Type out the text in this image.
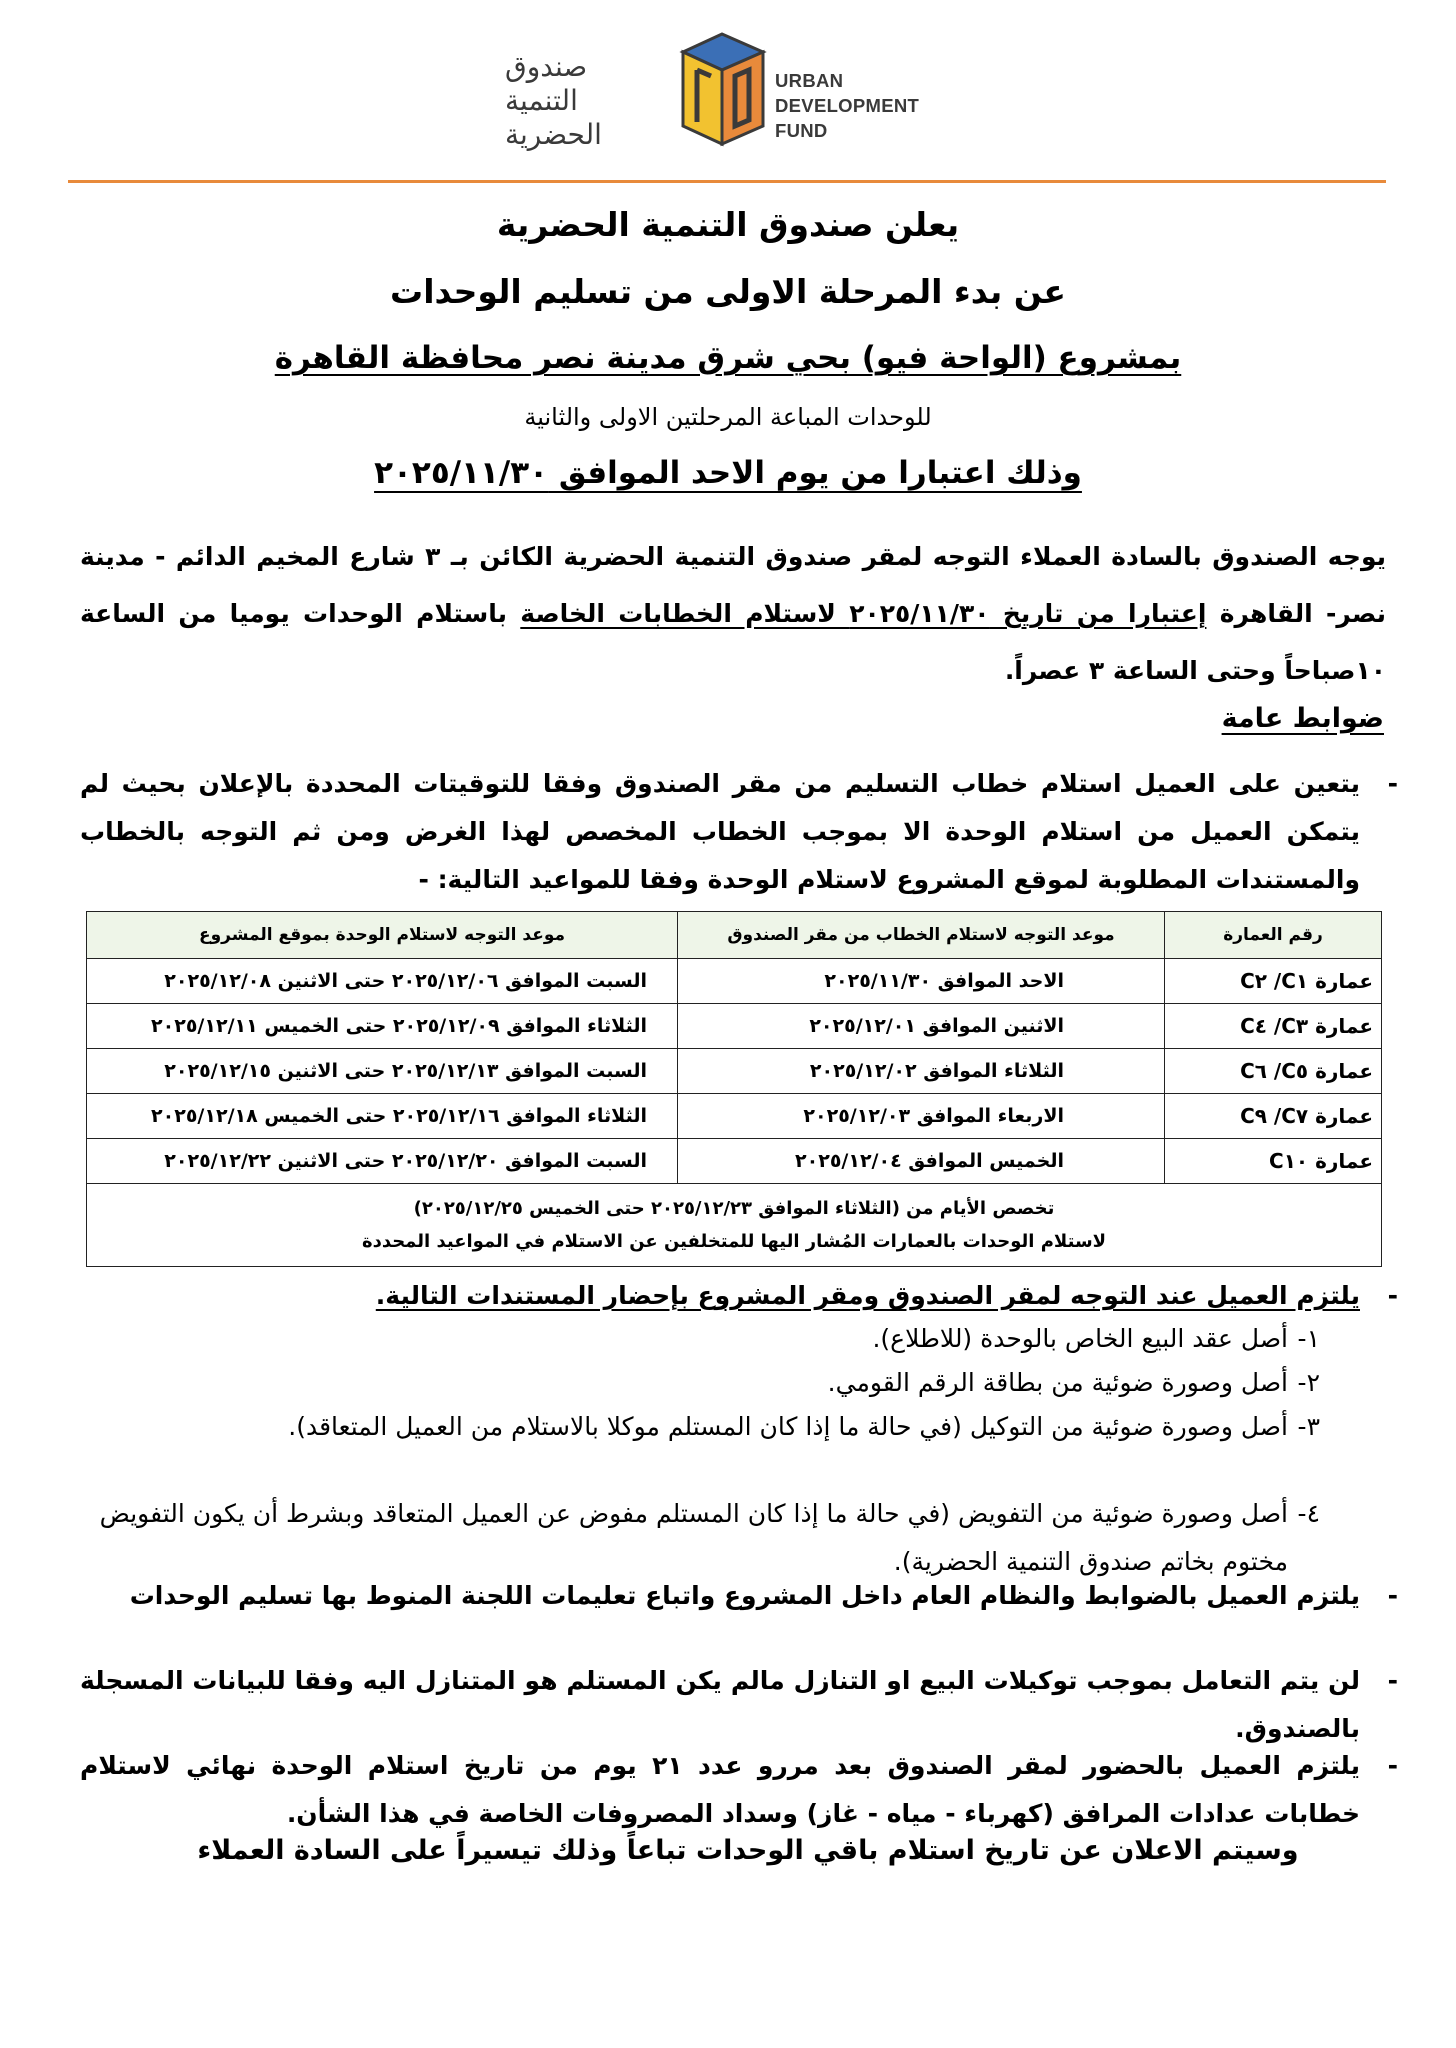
صندوق
التنمية
الحضرية
URBAN
DEVELOPMENT
FUND
يعلن صندوق التنمية الحضرية
عن بدء المرحلة الاولى من تسليم الوحدات
بمشروع (الواحة فيو) بحي شرق مدينة نصر محافظة القاهرة
للوحدات المباعة المرحلتين الاولى والثانية
وذلك اعتبارا من يوم الاحد الموافق ٢٠٢٥/١١/٣٠
يوجه الصندوق بالسادة العملاء التوجه لمقر صندوق التنمية الحضرية الكائن بـ ٣ شارع المخيم الدائم - مدينة نصر- القاهرة إعتبارا من تاريخ ٢٠٢٥/١١/٣٠ لاستلام الخطابات الخاصة باستلام الوحدات يوميا من الساعة ١٠صباحاً وحتى الساعة ٣ عصراً.
ضوابط عامة
-
يتعين على العميل استلام خطاب التسليم من مقر الصندوق وفقا للتوقيتات المحددة بالإعلان بحيث لم يتمكن العميل من استلام الوحدة الا بموجب الخطاب المخصص لهذا الغرض ومن ثم التوجه بالخطاب والمستندات المطلوبة لموقع المشروع لاستلام الوحدة وفقا للمواعيد التالية: -
رقم العمارة	موعد التوجه لاستلام الخطاب من مقر الصندوق	موعد التوجه لاستلام الوحدة بموقع المشروع
عمارة C١/ C٢	الاحد الموافق ٢٠٢٥/١١/٣٠	السبت الموافق ٢٠٢٥/١٢/٠٦ حتى الاثنين ٢٠٢٥/١٢/٠٨
عمارة C٣/ C٤	الاثنين الموافق ٢٠٢٥/١٢/٠١	الثلاثاء الموافق ٢٠٢٥/١٢/٠٩ حتى الخميس ٢٠٢٥/١٢/١١
عمارة C٥/ C٦	الثلاثاء الموافق ٢٠٢٥/١٢/٠٢	السبت الموافق ٢٠٢٥/١٢/١٣ حتى الاثنين ٢٠٢٥/١٢/١٥
عمارة C٧/ C٩	الاربعاء الموافق ٢٠٢٥/١٢/٠٣	الثلاثاء الموافق ٢٠٢٥/١٢/١٦ حتى الخميس ٢٠٢٥/١٢/١٨
عمارة C١٠	الخميس الموافق ٢٠٢٥/١٢/٠٤	السبت الموافق ٢٠٢٥/١٢/٢٠ حتى الاثنين ٢٠٢٥/١٢/٢٢

تخصص الأيام من (الثلاثاء الموافق ٢٠٢٥/١٢/٢٣ حتى الخميس ٢٠٢٥/١٢/٢٥)
لاستلام الوحدات بالعمارات المُشار اليها للمتخلفين عن الاستلام في المواعيد المحددة		
-
يلتزم العميل عند التوجه لمقر الصندوق ومقر المشروع بإحضار المستندات التالية.
١-
أصل عقد البيع الخاص بالوحدة (للاطلاع).
٢-
أصل وصورة ضوئية من بطاقة الرقم القومي.
٣-
أصل وصورة ضوئية من التوكيل (في حالة ما إذا كان المستلم موكلا بالاستلام من العميل المتعاقد).
٤-
أصل وصورة ضوئية من التفويض (في حالة ما إذا كان المستلم مفوض عن العميل المتعاقد وبشرط أن يكون التفويض مختوم بخاتم صندوق التنمية الحضرية).
-
يلتزم العميل بالضوابط والنظام العام داخل المشروع واتباع تعليمات اللجنة المنوط بها تسليم الوحدات
-
لن يتم التعامل بموجب توكيلات البيع او التنازل مالم يكن المستلم هو المتنازل اليه وفقا للبيانات المسجلة بالصندوق.
-
يلتزم العميل بالحضور لمقر الصندوق بعد مررو عدد ٢١ يوم من تاريخ استلام الوحدة نهائي لاستلام خطابات عدادات المرافق (كهرباء - مياه - غاز) وسداد المصروفات الخاصة في هذا الشأن.
وسيتم الاعلان عن تاريخ استلام باقي الوحدات تباعاً وذلك تيسيراً على السادة العملاء
